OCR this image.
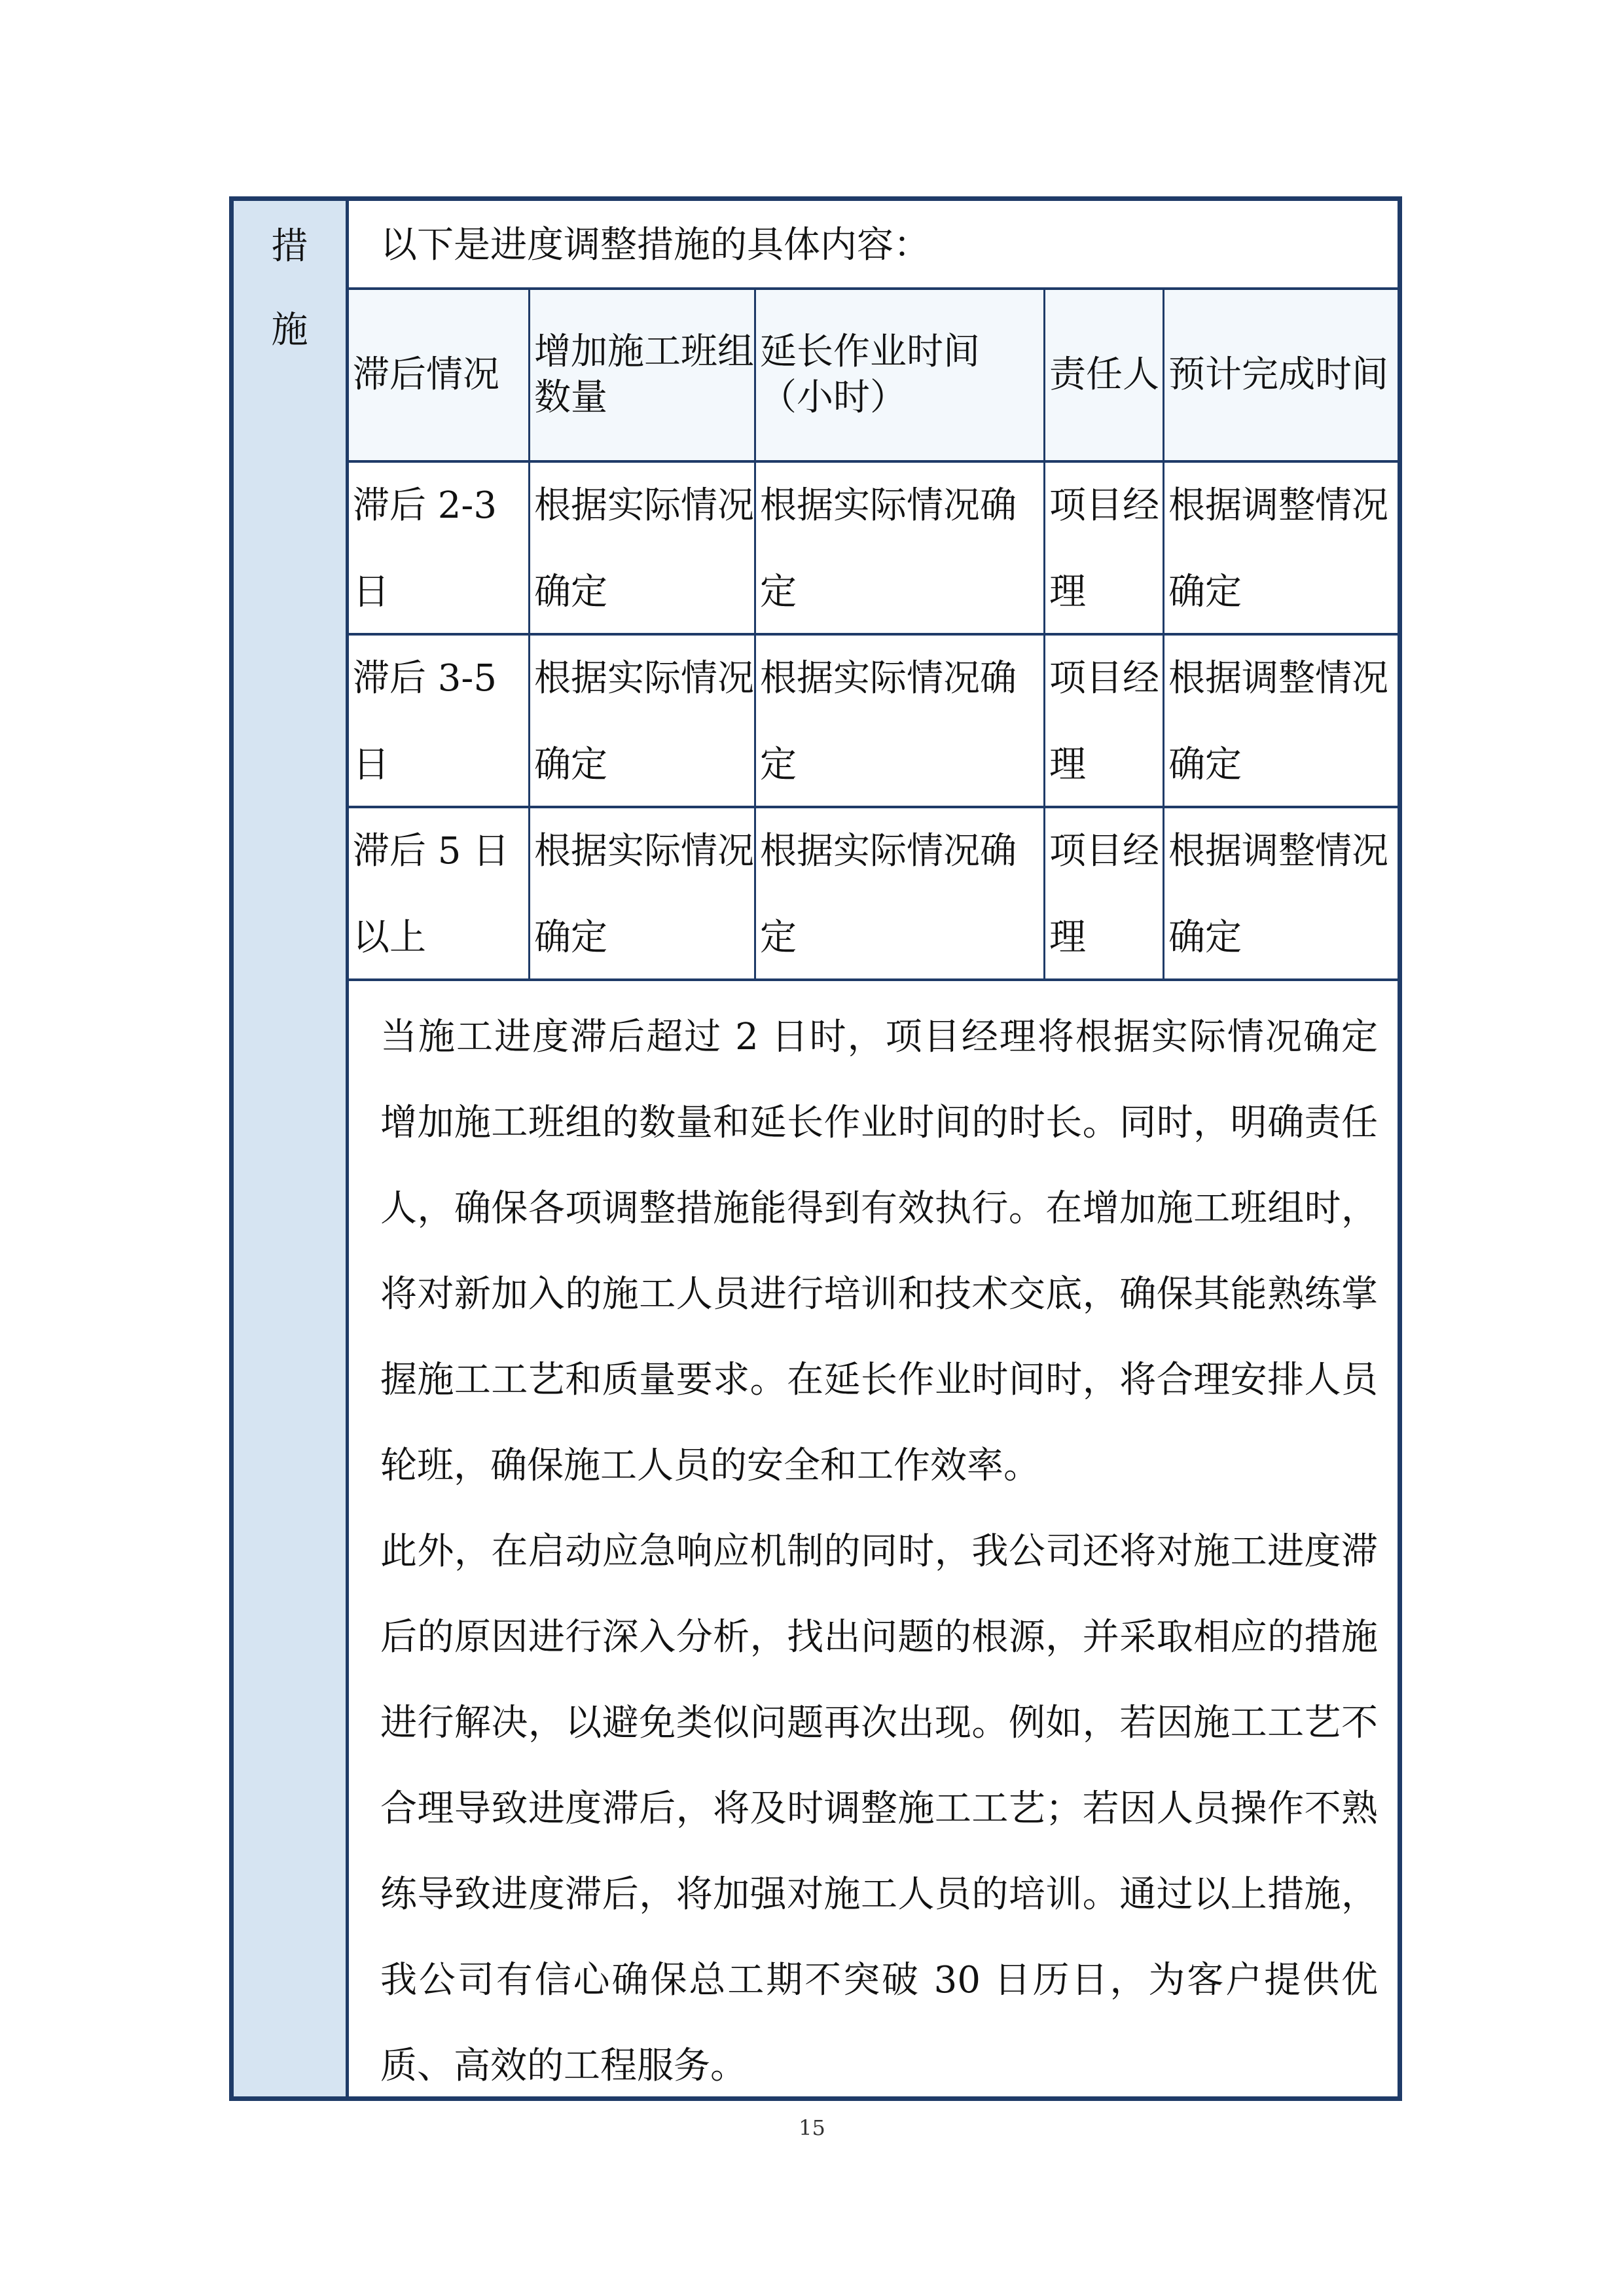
措
施
以下是进度调整措施的具体内容：
滞后情况
增加施工班组数量
延长作业时间（小时）
责任人 预计完成时间
滞后 2-3 日
根据实际情况确定
根据实际情况确定
项目经理
根据调整情况确定
滞后 3-5 日
根据实际情况确定
根据实际情况确定
项目经理
根据调整情况确定
滞后 5 日以上
根据实际情况确定
根据实际情况确定
项目经理
根据调整情况确定

当施工进度滞后超过 2 日时，项目经理将根据实际情况确定增加施工班组的数量和延长作业时间的时长。同时，明确责任人，确保各项调整措施能得到有效执行。在增加施工班组时，将对新加入的施工人员进行培训和技术交底，确保其能熟练掌握施工工艺和质量要求。在延长作业时间时，将合理安排人员轮班，确保施工人员的安全和工作效率。

此外，在启动应急响应机制的同时，我公司还将对施工进度滞后的原因进行深入分析，找出问题的根源，并采取相应的措施进行解决，以避免类似问题再次出现。例如，若因施工工艺不合理导致进度滞后，将及时调整施工工艺；若因人员操作不熟练导致进度滞后，将加强对施工人员的培训。通过以上措施，我公司有信心确保总工期不突破 30 日历日，为客户提供优质、高效的工程服务。

15
